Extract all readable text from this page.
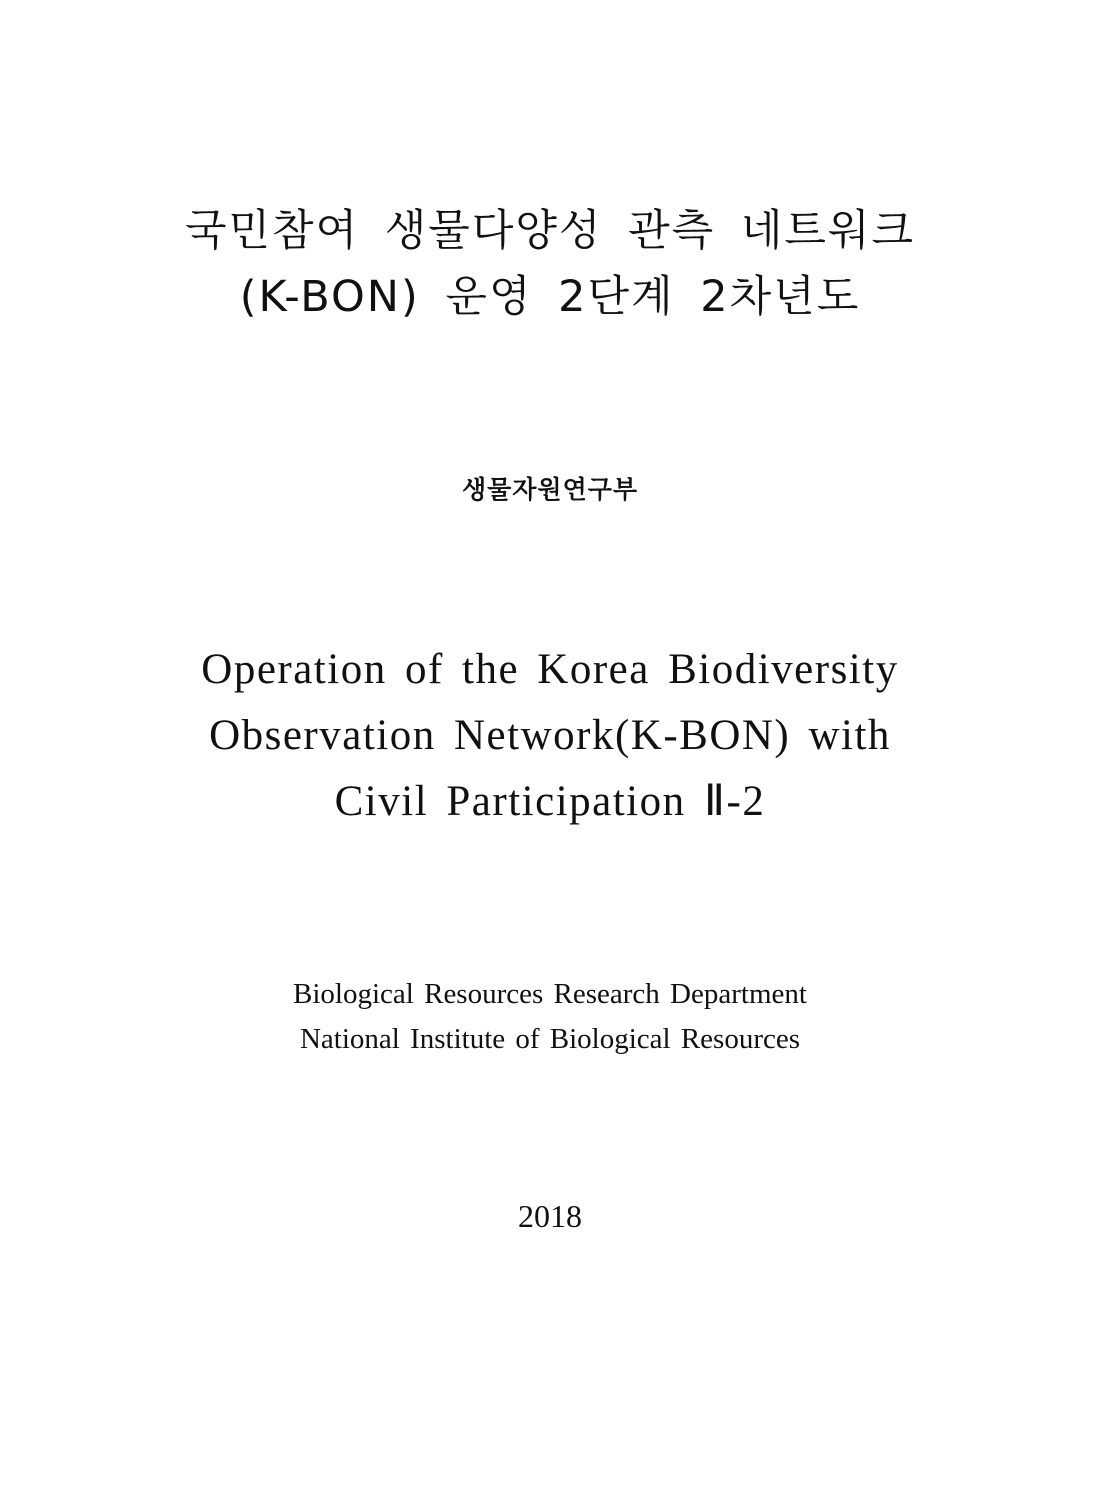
국민참여 생물다양성 관측 네트워크
(K-BON) 운영 2단계 2차년도
생물자원연구부
Operation of the Korea Biodiversity
Observation Network(K-BON) with
Civil Participation Ⅱ-2
Biological Resources Research Department
National Institute of Biological Resources
2018
